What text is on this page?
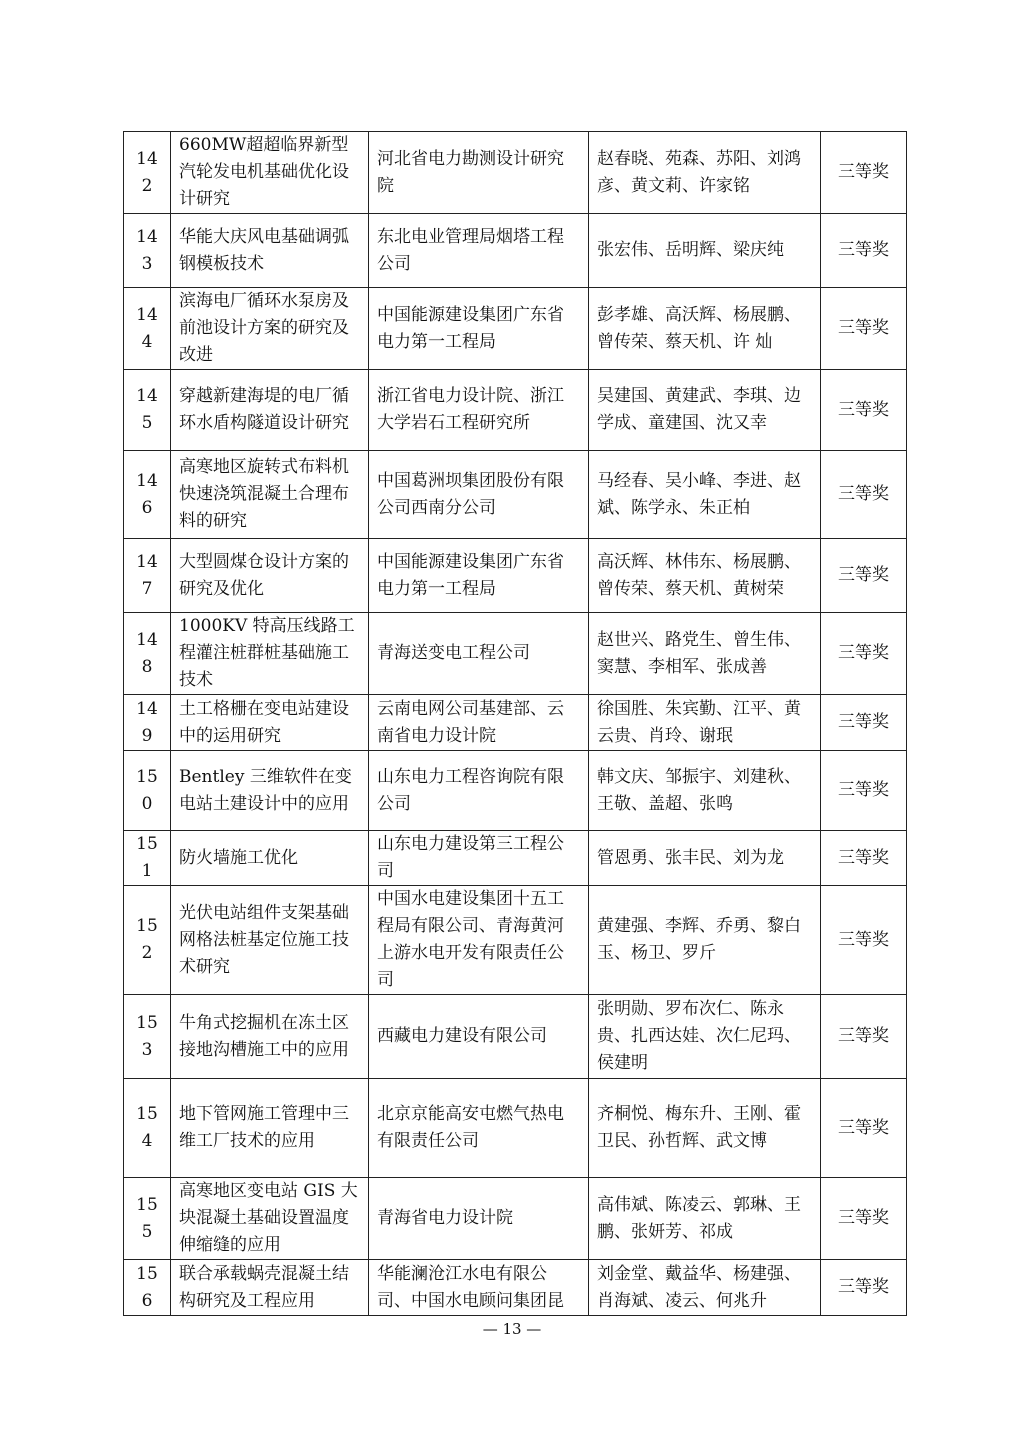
142	660MW超超临界新型汽轮发电机基础优化设计研究	河北省电力勘测设计研究院	赵春晓、苑森、苏阳、刘鸿彦、黄文莉、许家铭	三等奖
143	华能大庆风电基础调弧钢模板技术	东北电业管理局烟塔工程公司	张宏伟、岳明辉、梁庆纯	三等奖
144	滨海电厂循环水泵房及前池设计方案的研究及改进	中国能源建设集团广东省电力第一工程局	彭孝雄、高沃辉、杨展鹏、曾传荣、蔡天机、许 灿	三等奖
145	穿越新建海堤的电厂循环水盾构隧道设计研究	浙江省电力设计院、浙江大学岩石工程研究所	吴建国、黄建武、李琪、边学成、童建国、沈又幸	三等奖
146	高寒地区旋转式布料机快速浇筑混凝土合理布料的研究	中国葛洲坝集团股份有限公司西南分公司	马经春、吴小峰、李进、赵斌、陈学永、朱正柏	三等奖
147	大型圆煤仓设计方案的研究及优化	中国能源建设集团广东省电力第一工程局	高沃辉、林伟东、杨展鹏、曾传荣、蔡天机、黄树荣	三等奖
148	1000KV 特高压线路工程灌注桩群桩基础施工技术	青海送变电工程公司	赵世兴、路党生、曾生伟、窦慧、李相军、张成善	三等奖
149	土工格栅在变电站建设中的运用研究	云南电网公司基建部、云南省电力设计院	徐国胜、朱宾勤、江平、黄云贵、肖玲、谢珉	三等奖
150	Bentley 三维软件在变电站土建设计中的应用	山东电力工程咨询院有限公司	韩文庆、邹振宇、刘建秋、王敬、盖超、张鸣	三等奖
151	防火墙施工优化	山东电力建设第三工程公司	管恩勇、张丰民、刘为龙	三等奖
152	光伏电站组件支架基础网格法桩基定位施工技术研究	中国水电建设集团十五工程局有限公司、青海黄河上游水电开发有限责任公司	黄建强、李辉、乔勇、黎白玉、杨卫、罗斤	三等奖
153	牛角式挖掘机在冻土区接地沟槽施工中的应用	西藏电力建设有限公司	张明勋、罗布次仁、陈永贵、扎西达娃、次仁尼玛、侯建明	三等奖
154	地下管网施工管理中三维工厂技术的应用	北京京能高安屯燃气热电有限责任公司	齐桐悦、梅东升、王刚、霍卫民、孙哲辉、武文博	三等奖
155	高寒地区变电站 GIS 大块混凝土基础设置温度伸缩缝的应用	青海省电力设计院	高伟斌、陈凌云、郭琳、王鹏、张妍芳、祁成	三等奖
156	联合承载蜗壳混凝土结构研究及工程应用	华能澜沧江水电有限公司、中国水电顾问集团昆	刘金堂、戴益华、杨建强、肖海斌、凌云、何兆升	三等奖
— 13 —
